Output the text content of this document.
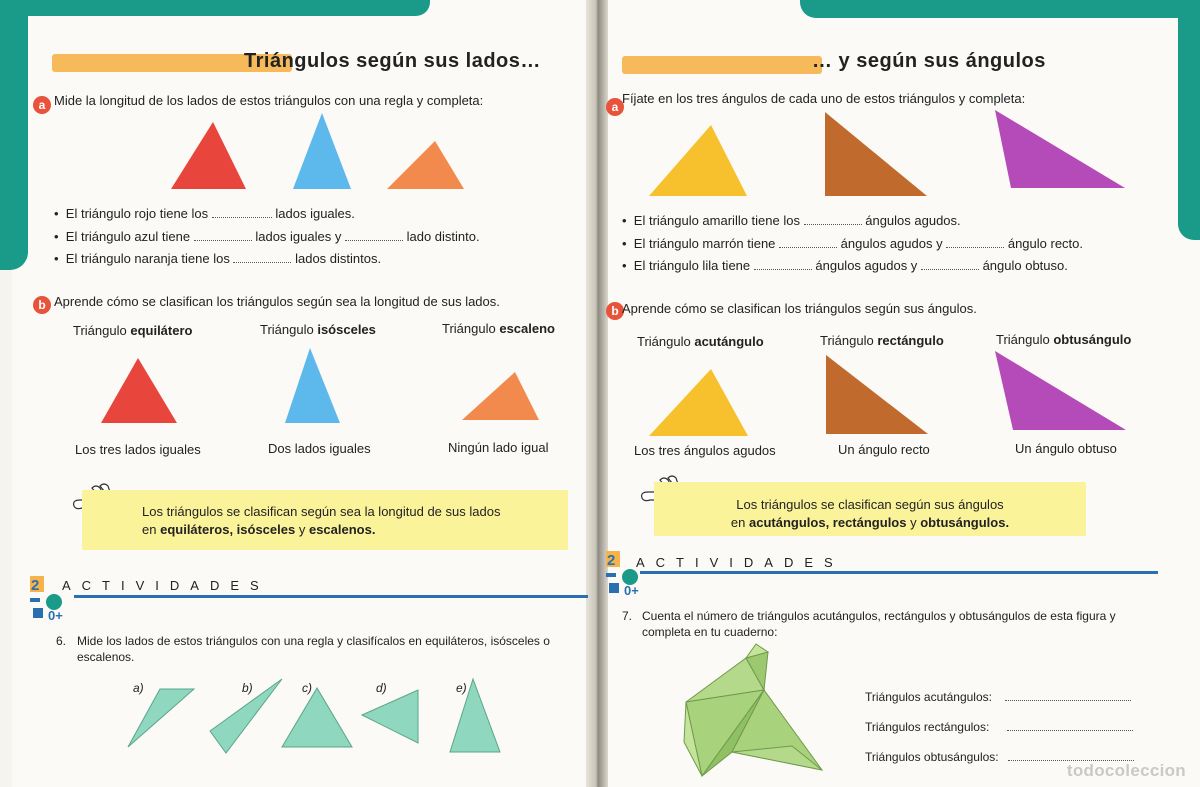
Triángulos según sus lados…
a Mide la longitud de los lados de estos triángulos con una regla y completa:
•  El triángulo rojo tiene los	lados iguales.
•  El triángulo azul tiene	lados iguales y	lado distinto.
•  El triángulo naranja tiene los	lados distintos.
b Aprende cómo se clasifican los triángulos según sea la longitud de sus lados.
Triángulo equilátero	Triángulo isósceles	Triángulo escaleno
Los tres lados iguales	Dos lados iguales	Ningún lado igual
Los triángulos se clasifican según sea la longitud de sus lados
en equiláteros, isósceles y escalenos.
2
0+
ACTIVIDADES
6. Mide los lados de estos triángulos con una regla y clasifícalos en equiláteros, isósceles o
escalenos.
a)	b)	c)	d)	e)
… y según sus ángulos
a
Fíjate en los tres ángulos de cada uno de estos triángulos y completa:
•  El triángulo amarillo tiene los	ángulos agudos.
•  El triángulo marrón tiene	ángulos agudos y	ángulo recto.
•  El triángulo lila tiene	ángulos agudos y	ángulo obtuso.
b Aprende cómo se clasifican los triángulos según sus ángulos.
Triángulo acutángulo	Triángulo rectángulo	Triángulo obtusángulo
Los tres ángulos agudos	Un ángulo recto	Un ángulo obtuso
Los triángulos se clasifican según sus ángulos
en acutángulos, rectángulos y obtusángulos.
2
0+
ACTIVIDADES
7. Cuenta el número de triángulos acutángulos, rectángulos y obtusángulos de esta figura y
completa en tu cuaderno:
Triángulos acutángulos:
Triángulos rectángulos:
Triángulos obtusángulos:
todocoleccion
